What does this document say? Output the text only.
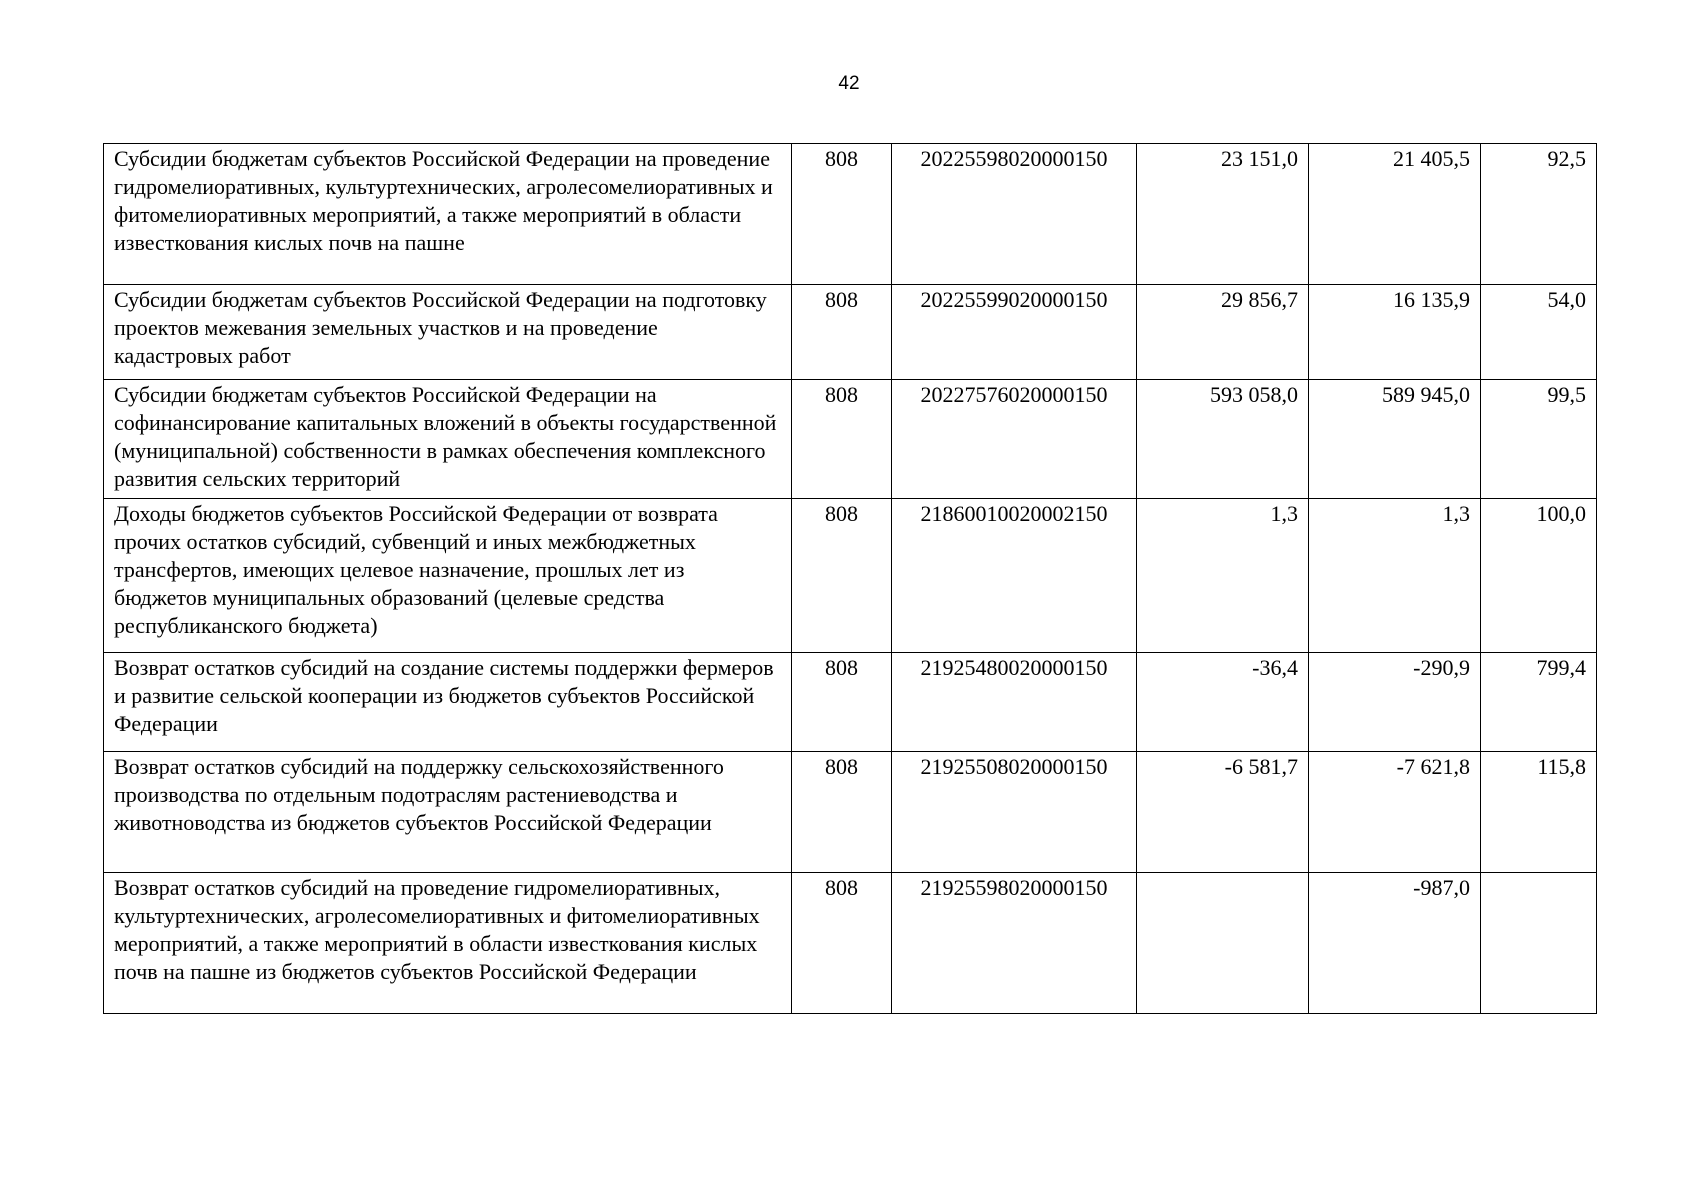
42
Субсидии бюджетам субъектов Российской Федерации на проведение гидромелиоративных, культуртехнических, агролесомелиоративных и фитомелиоративных мероприятий, а также мероприятий в области известкования кислых почв на пашне	808	20225598020000150	23 151,0	21 405,5	92,5
Субсидии бюджетам субъектов Российской Федерации на подготовку проектов межевания земельных участков и на проведение кадастровых работ	808	20225599020000150	29 856,7	16 135,9	54,0
Субсидии бюджетам субъектов Российской Федерации на софинансирование капитальных вложений в объекты государственной (муниципальной) собственности в рамках обеспечения комплексного развития сельских территорий	808	20227576020000150	593 058,0	589 945,0	99,5
Доходы бюджетов субъектов Российской Федерации от возврата прочих остатков субсидий, субвенций и иных межбюджетных трансфертов, имеющих целевое назначение, прошлых лет из бюджетов муниципальных образований (целевые средства республиканского бюджета)	808	21860010020002150	1,3	1,3	100,0
Возврат остатков субсидий на создание системы поддержки фермеров и развитие сельской кооперации из бюджетов субъектов Российской Федерации	808	21925480020000150	-36,4	-290,9	799,4
Возврат остатков субсидий на поддержку сельскохозяйственного производства по отдельным подотраслям растениеводства и животноводства из бюджетов субъектов Российской Федерации	808	21925508020000150	-6 581,7	-7 621,8	115,8
Возврат остатков субсидий на проведение гидромелиоративных, культуртехнических, агролесомелиоративных и фитомелиоративных мероприятий, а также мероприятий в области известкования кислых почв на пашне из бюджетов субъектов Российской Федерации	808	21925598020000150		-987,0	
